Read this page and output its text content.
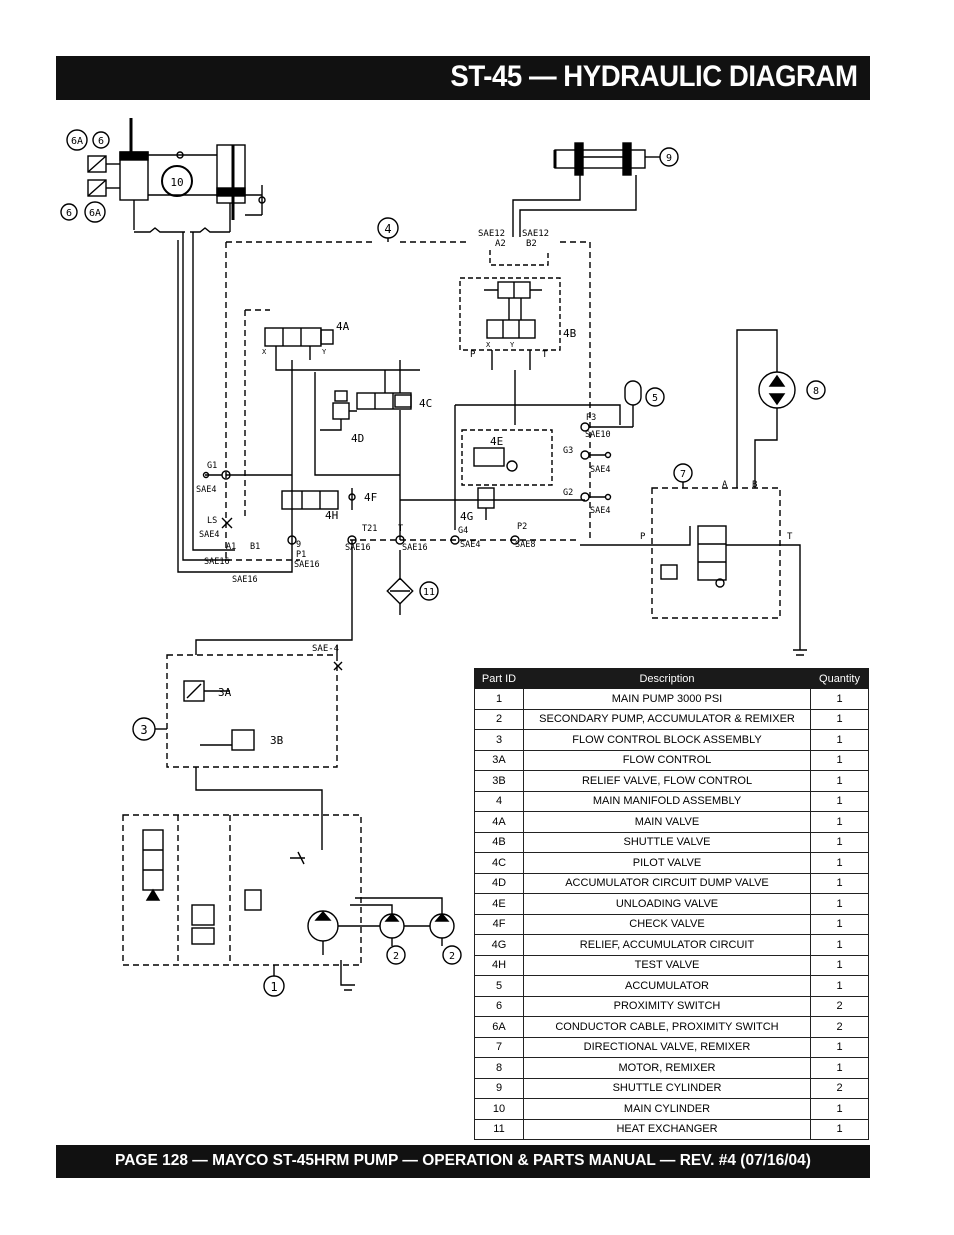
ST-45 — HYDRAULIC DIAGRAM
10
6A 6
6 6A
9
4	SAE12 SAE12
A2 B2
4B
P	T
X	Y
4A
X	Y
4C
4D	4E
4G
4H
4F
G1
SAE4
LS
SAE4
A1 B1	9
P1
SAE16
SAE16
SAE16
T21
SAE16
T
SAE16
G4
SAE4
P2
SAE8
P3
SAE10
G3
SAE4
G2
SAE4
5
8
7
A	B
P	T
11
SAE-4
3A
3B
3
1
2	2
Part ID	Description	Quantity
1	MAIN PUMP 3000 PSI	1
2	SECONDARY PUMP, ACCUMULATOR & REMIXER	1
3	FLOW CONTROL BLOCK ASSEMBLY	1
3A	FLOW CONTROL	1
3B	RELIEF VALVE, FLOW CONTROL	1
4	MAIN MANIFOLD ASSEMBLY	1
4A	MAIN VALVE	1
4B	SHUTTLE VALVE	1
4C	PILOT VALVE	1
4D	ACCUMULATOR CIRCUIT DUMP VALVE	1
4E	UNLOADING VALVE	1
4F	CHECK VALVE	1
4G	RELIEF, ACCUMULATOR CIRCUIT	1
4H	TEST VALVE	1
5	ACCUMULATOR	1
6	PROXIMITY SWITCH	2
6A	CONDUCTOR CABLE, PROXIMITY SWITCH	2
7	DIRECTIONAL VALVE, REMIXER	1
8	MOTOR, REMIXER	1
9	SHUTTLE CYLINDER	2
10	MAIN CYLINDER	1
11	HEAT EXCHANGER	1
PAGE 128 — MAYCO ST-45HRM PUMP — OPERATION & PARTS MANUAL — REV. #4 (07/16/04)
